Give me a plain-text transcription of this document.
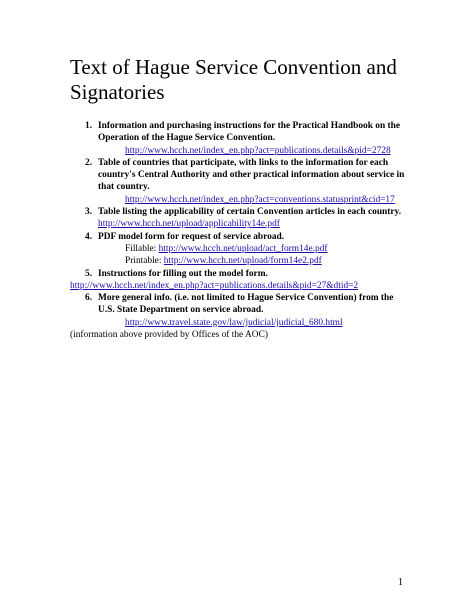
Text of Hague Service Convention and Signatories
1. Information and purchasing instructions for the Practical Handbook on the Operation of the Hague Service Convention.
http://www.hcch.net/index_en.php?act=publications.details&pid=2728
2. Table of countries that participate, with links to the information for each country's Central Authority and other practical information about service in that country.
http://www.hcch.net/index_en.php?act=conventions.statusprint&cid=17
3. Table listing the applicability of certain Convention articles in each country.
http://www.hcch.net/upload/applicability14e.pdf
4. PDF model form for request of service abroad.
Fillable: http://www.hcch.net/upload/act_form14e.pdf
Printable: http://www.hcch.net/upload/form14e2.pdf
5. Instructions for filling out the model form.
http://www.hcch.net/index_en.php?act=publications.details&pid=27&dtid=2
6. More general info. (i.e. not limited to Hague Service Convention) from the U.S. State Department on service abroad.
http://www.travel.state.gov/law/judicial/judicial_680.html
(information above provided by Offices of the AOC)
1
